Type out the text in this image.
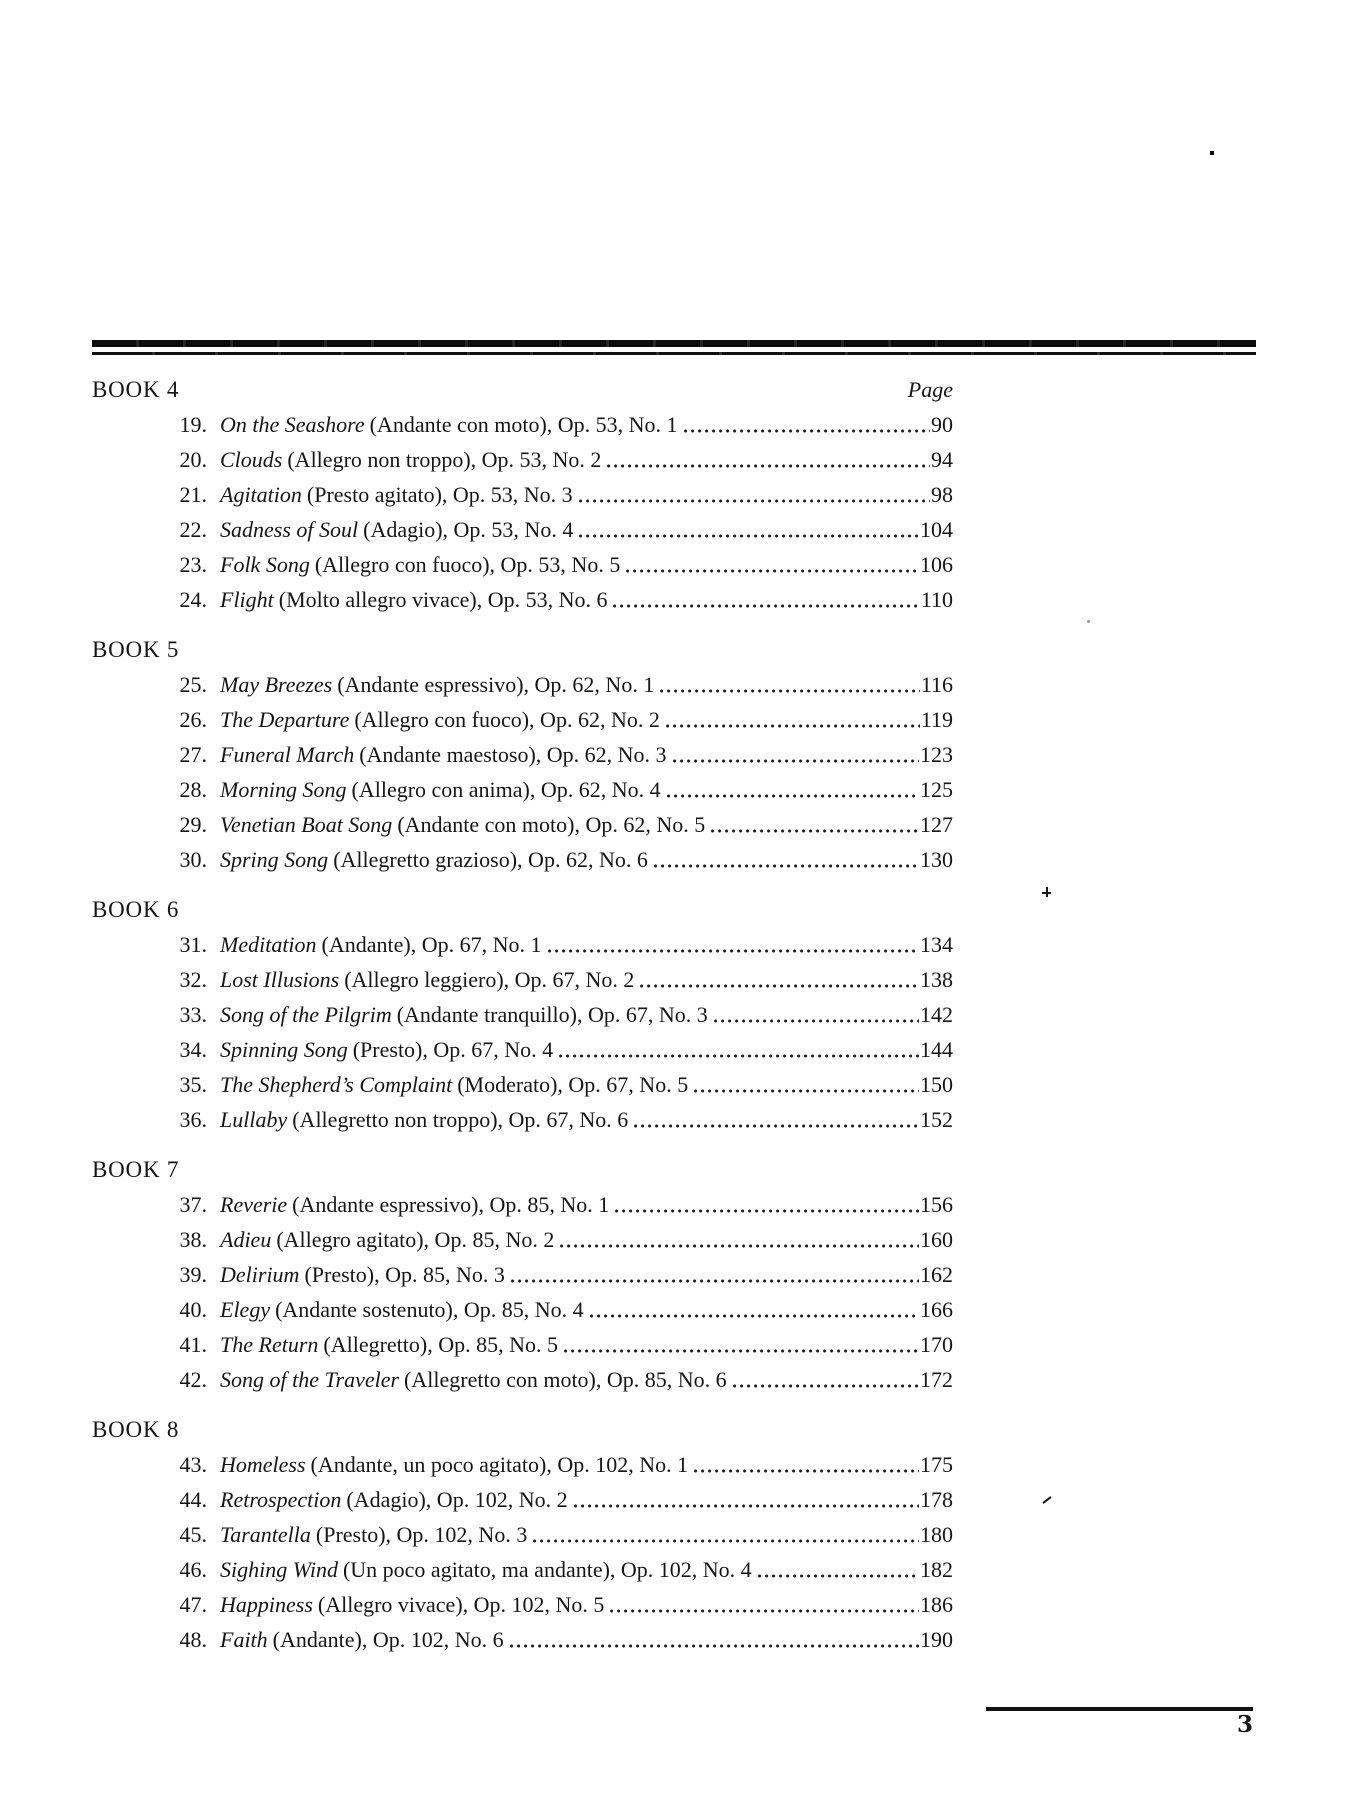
Page
BOOK 4
19. On the Seashore (Andante con moto), Op. 53, No. 1	90
20. Clouds (Allegro non troppo), Op. 53, No. 2	94
21. Agitation (Presto agitato), Op. 53, No. 3	98
22. Sadness of Soul (Adagio), Op. 53, No. 4	104
23. Folk Song (Allegro con fuoco), Op. 53, No. 5	106
24. Flight (Molto allegro vivace), Op. 53, No. 6	110
BOOK 5
25. May Breezes (Andante espressivo), Op. 62, No. 1	116
26. The Departure (Allegro con fuoco), Op. 62, No. 2	119
27. Funeral March (Andante maestoso), Op. 62, No. 3	123
28. Morning Song (Allegro con anima), Op. 62, No. 4	125
29. Venetian Boat Song (Andante con moto), Op. 62, No. 5	127
30. Spring Song (Allegretto grazioso), Op. 62, No. 6	130
BOOK 6
31. Meditation (Andante), Op. 67, No. 1	134
32. Lost Illusions (Allegro leggiero), Op. 67, No. 2	138
33. Song of the Pilgrim (Andante tranquillo), Op. 67, No. 3	142
34. Spinning Song (Presto), Op. 67, No. 4	144
35. The Shepherd’s Complaint (Moderato), Op. 67, No. 5	150
36. Lullaby (Allegretto non troppo), Op. 67, No. 6	152
BOOK 7
37. Reverie (Andante espressivo), Op. 85, No. 1	156
38. Adieu (Allegro agitato), Op. 85, No. 2	160
39. Delirium (Presto), Op. 85, No. 3	162
40. Elegy (Andante sostenuto), Op. 85, No. 4	166
41. The Return (Allegretto), Op. 85, No. 5	170
42. Song of the Traveler (Allegretto con moto), Op. 85, No. 6	172
BOOK 8
43. Homeless (Andante, un poco agitato), Op. 102, No. 1	175
44. Retrospection (Adagio), Op. 102, No. 2	178
45. Tarantella (Presto), Op. 102, No. 3	180
46. Sighing Wind (Un poco agitato, ma andante), Op. 102, No. 4	182
47. Happiness (Allegro vivace), Op. 102, No. 5	186
48. Faith (Andante), Op. 102, No. 6	190
3
